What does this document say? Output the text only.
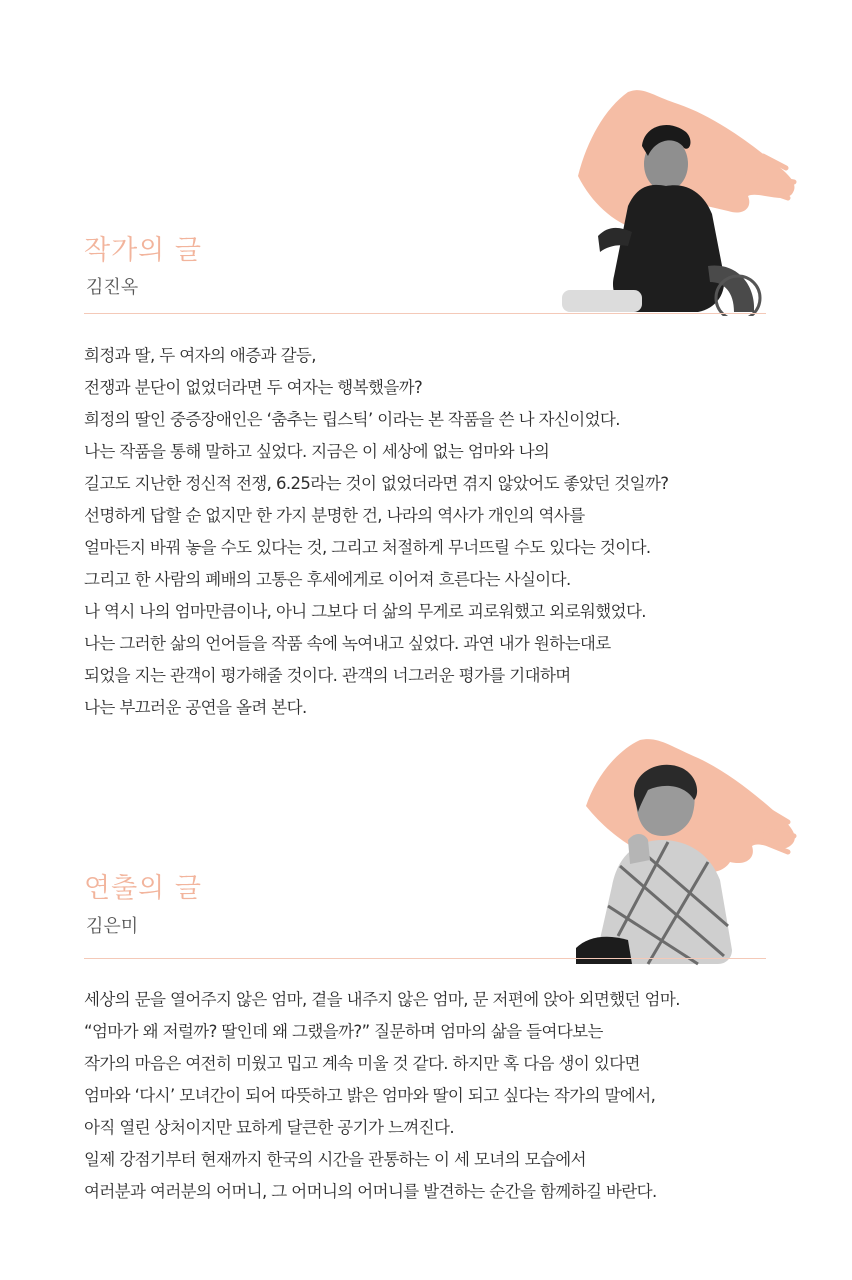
작가의 글

김진옥

희정과 딸, 두 여자의 애증과 갈등,
전쟁과 분단이 없었더라면 두 여자는 행복했을까?
희정의 딸인 중증장애인은 ‘춤추는 립스틱’ 이라는 본 작품을 쓴 나 자신이었다.
나는 작품을 통해 말하고 싶었다. 지금은 이 세상에 없는 엄마와 나의
길고도 지난한 정신적 전쟁, 6.25라는 것이 없었더라면 겪지 않았어도 좋았던 것일까?
선명하게 답할 순 없지만 한 가지 분명한 건, 나라의 역사가 개인의 역사를
얼마든지 바꿔 놓을 수도 있다는 것, 그리고 처절하게 무너뜨릴 수도 있다는 것이다.
그리고 한 사람의 폐배의 고통은 후세에게로 이어져 흐른다는 사실이다.
나 역시 나의 엄마만큼이나, 아니 그보다 더 삶의 무게로 괴로워했고 외로워했었다.
나는 그러한 삶의 언어들을 작품 속에 녹여내고 싶었다. 과연 내가 원하는대로
되었을 지는 관객이 평가해줄 것이다. 관객의 너그러운 평가를 기대하며
나는 부끄러운 공연을 올려 본다.
연출의 글

김은미

세상의 문을 열어주지 않은 엄마, 곁을 내주지 않은 엄마, 문 저편에 앉아 외면했던 엄마.
“엄마가 왜 저럴까? 딸인데 왜 그랬을까?” 질문하며 엄마의 삶을 들여다보는
작가의 마음은 여전히 미웠고 밉고 계속 미울 것 같다. 하지만 혹 다음 생이 있다면
엄마와 ‘다시’ 모녀간이 되어 따뜻하고 밝은 엄마와 딸이 되고 싶다는 작가의 말에서,
아직 열린 상처이지만 묘하게 달큰한 공기가 느껴진다.
일제 강점기부터 현재까지 한국의 시간을 관통하는 이 세 모녀의 모습에서
여러분과 여러분의 어머니, 그 어머니의 어머니를 발견하는 순간을 함께하길 바란다.
